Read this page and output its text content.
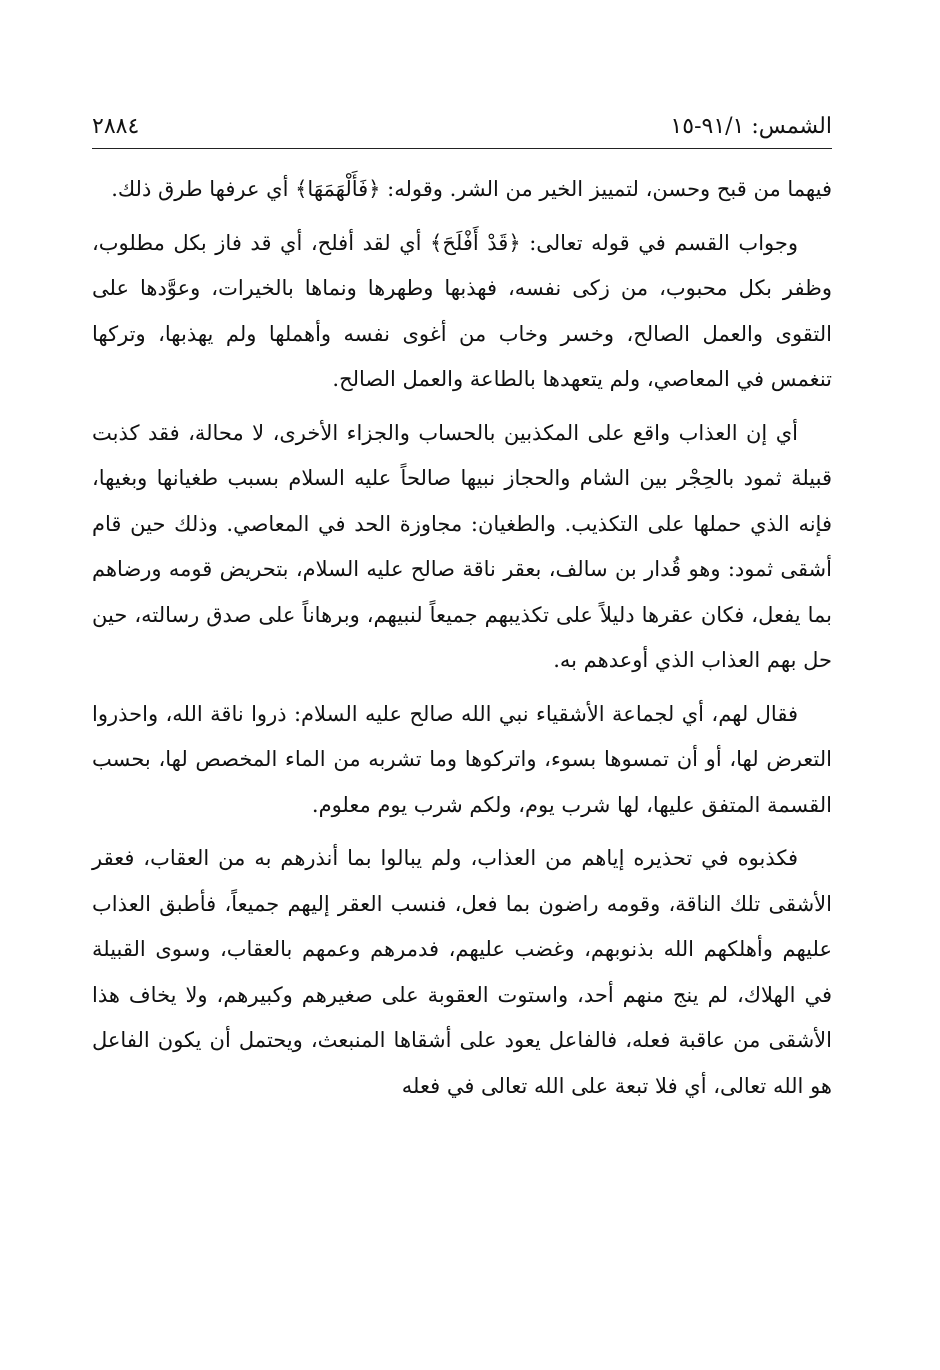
الشمس: ٩١/١-١٥
٢٨٨٤

فيهما من قبح وحسن، لتمييز الخير من الشر. وقوله: ﴿فَأَلْهَمَهَا﴾ أي عرفها طرق ذلك.

وجواب القسم في قوله تعالى: ﴿قَدْ أَفْلَحَ﴾ أي لقد أفلح، أي قد فاز بكل مطلوب، وظفر بكل محبوب، من زكى نفسه، فهذبها وطهرها ونماها بالخيرات، وعوَّدها على التقوى والعمل الصالح، وخسر وخاب من أغوى نفسه وأهملها ولم يهذبها، وتركها تنغمس في المعاصي، ولم يتعهدها بالطاعة والعمل الصالح.

أي إن العذاب واقع على المكذبين بالحساب والجزاء الأخرى، لا محالة، فقد كذبت قبيلة ثمود بالحِجْر بين الشام والحجاز نبيها صالحاً عليه السلام بسبب طغيانها وبغيها، فإنه الذي حملها على التكذيب. والطغيان: مجاوزة الحد في المعاصي. وذلك حين قام أشقى ثمود: وهو قُدار بن سالف، بعقر ناقة صالح عليه السلام، بتحريض قومه ورضاهم بما يفعل، فكان عقرها دليلاً على تكذيبهم جميعاً لنبيهم، وبرهاناً على صدق رسالته، حين حل بهم العذاب الذي أوعدهم به.

فقال لهم، أي لجماعة الأشقياء نبي الله صالح عليه السلام: ذروا ناقة الله، واحذروا التعرض لها، أو أن تمسوها بسوء، واتركوها وما تشربه من الماء المخصص لها، بحسب القسمة المتفق عليها، لها شرب يوم، ولكم شرب يوم معلوم.

فكذبوه في تحذيره إياهم من العذاب، ولم يبالوا بما أنذرهم به من العقاب، فعقر الأشقى تلك الناقة، وقومه راضون بما فعل، فنسب العقر إليهم جميعاً، فأطبق العذاب عليهم وأهلكهم الله بذنوبهم، وغضب عليهم، فدمرهم وعمهم بالعقاب، وسوى القبيلة في الهلاك، لم ينج منهم أحد، واستوت العقوبة على صغيرهم وكبيرهم، ولا يخاف هذا الأشقى من عاقبة فعله، فالفاعل يعود على أشقاها المنبعث، ويحتمل أن يكون الفاعل هو الله تعالى، أي فلا تبعة على الله تعالى في فعله
